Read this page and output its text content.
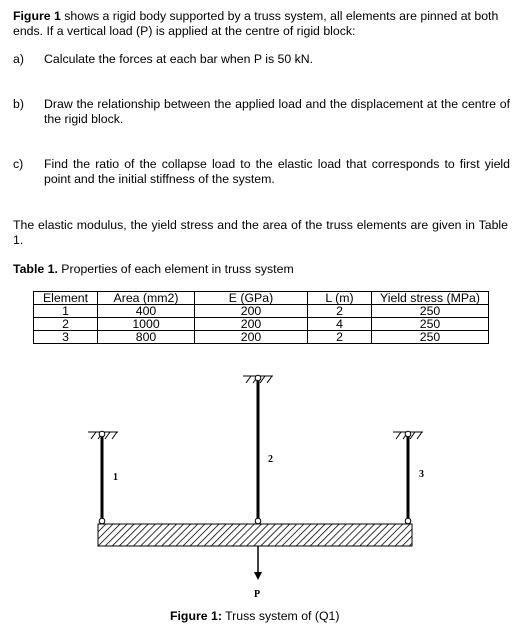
Figure 1 shows a rigid body supported by a truss system, all elements are pinned at both ends. If a vertical load (P) is applied at the centre of rigid block:
a) Calculate the forces at each bar when P is 50 kN.
b) Draw the relationship between the applied load and the displacement at the centre of the rigid block.
c) Find the ratio of the collapse load to the elastic load that corresponds to first yield point and the initial stiffness of the system.
The elastic modulus, the yield stress and the area of the truss elements are given in Table 1.
Table 1. Properties of each element in truss system
Element	Area (mm2)	E (GPa)	L (m)	Yield stress (MPa)
1	400	200	2	250
2	1000	200	4	250
3	800	200	2	250
1
2
3
P
Figure 1: Truss system of (Q1)
